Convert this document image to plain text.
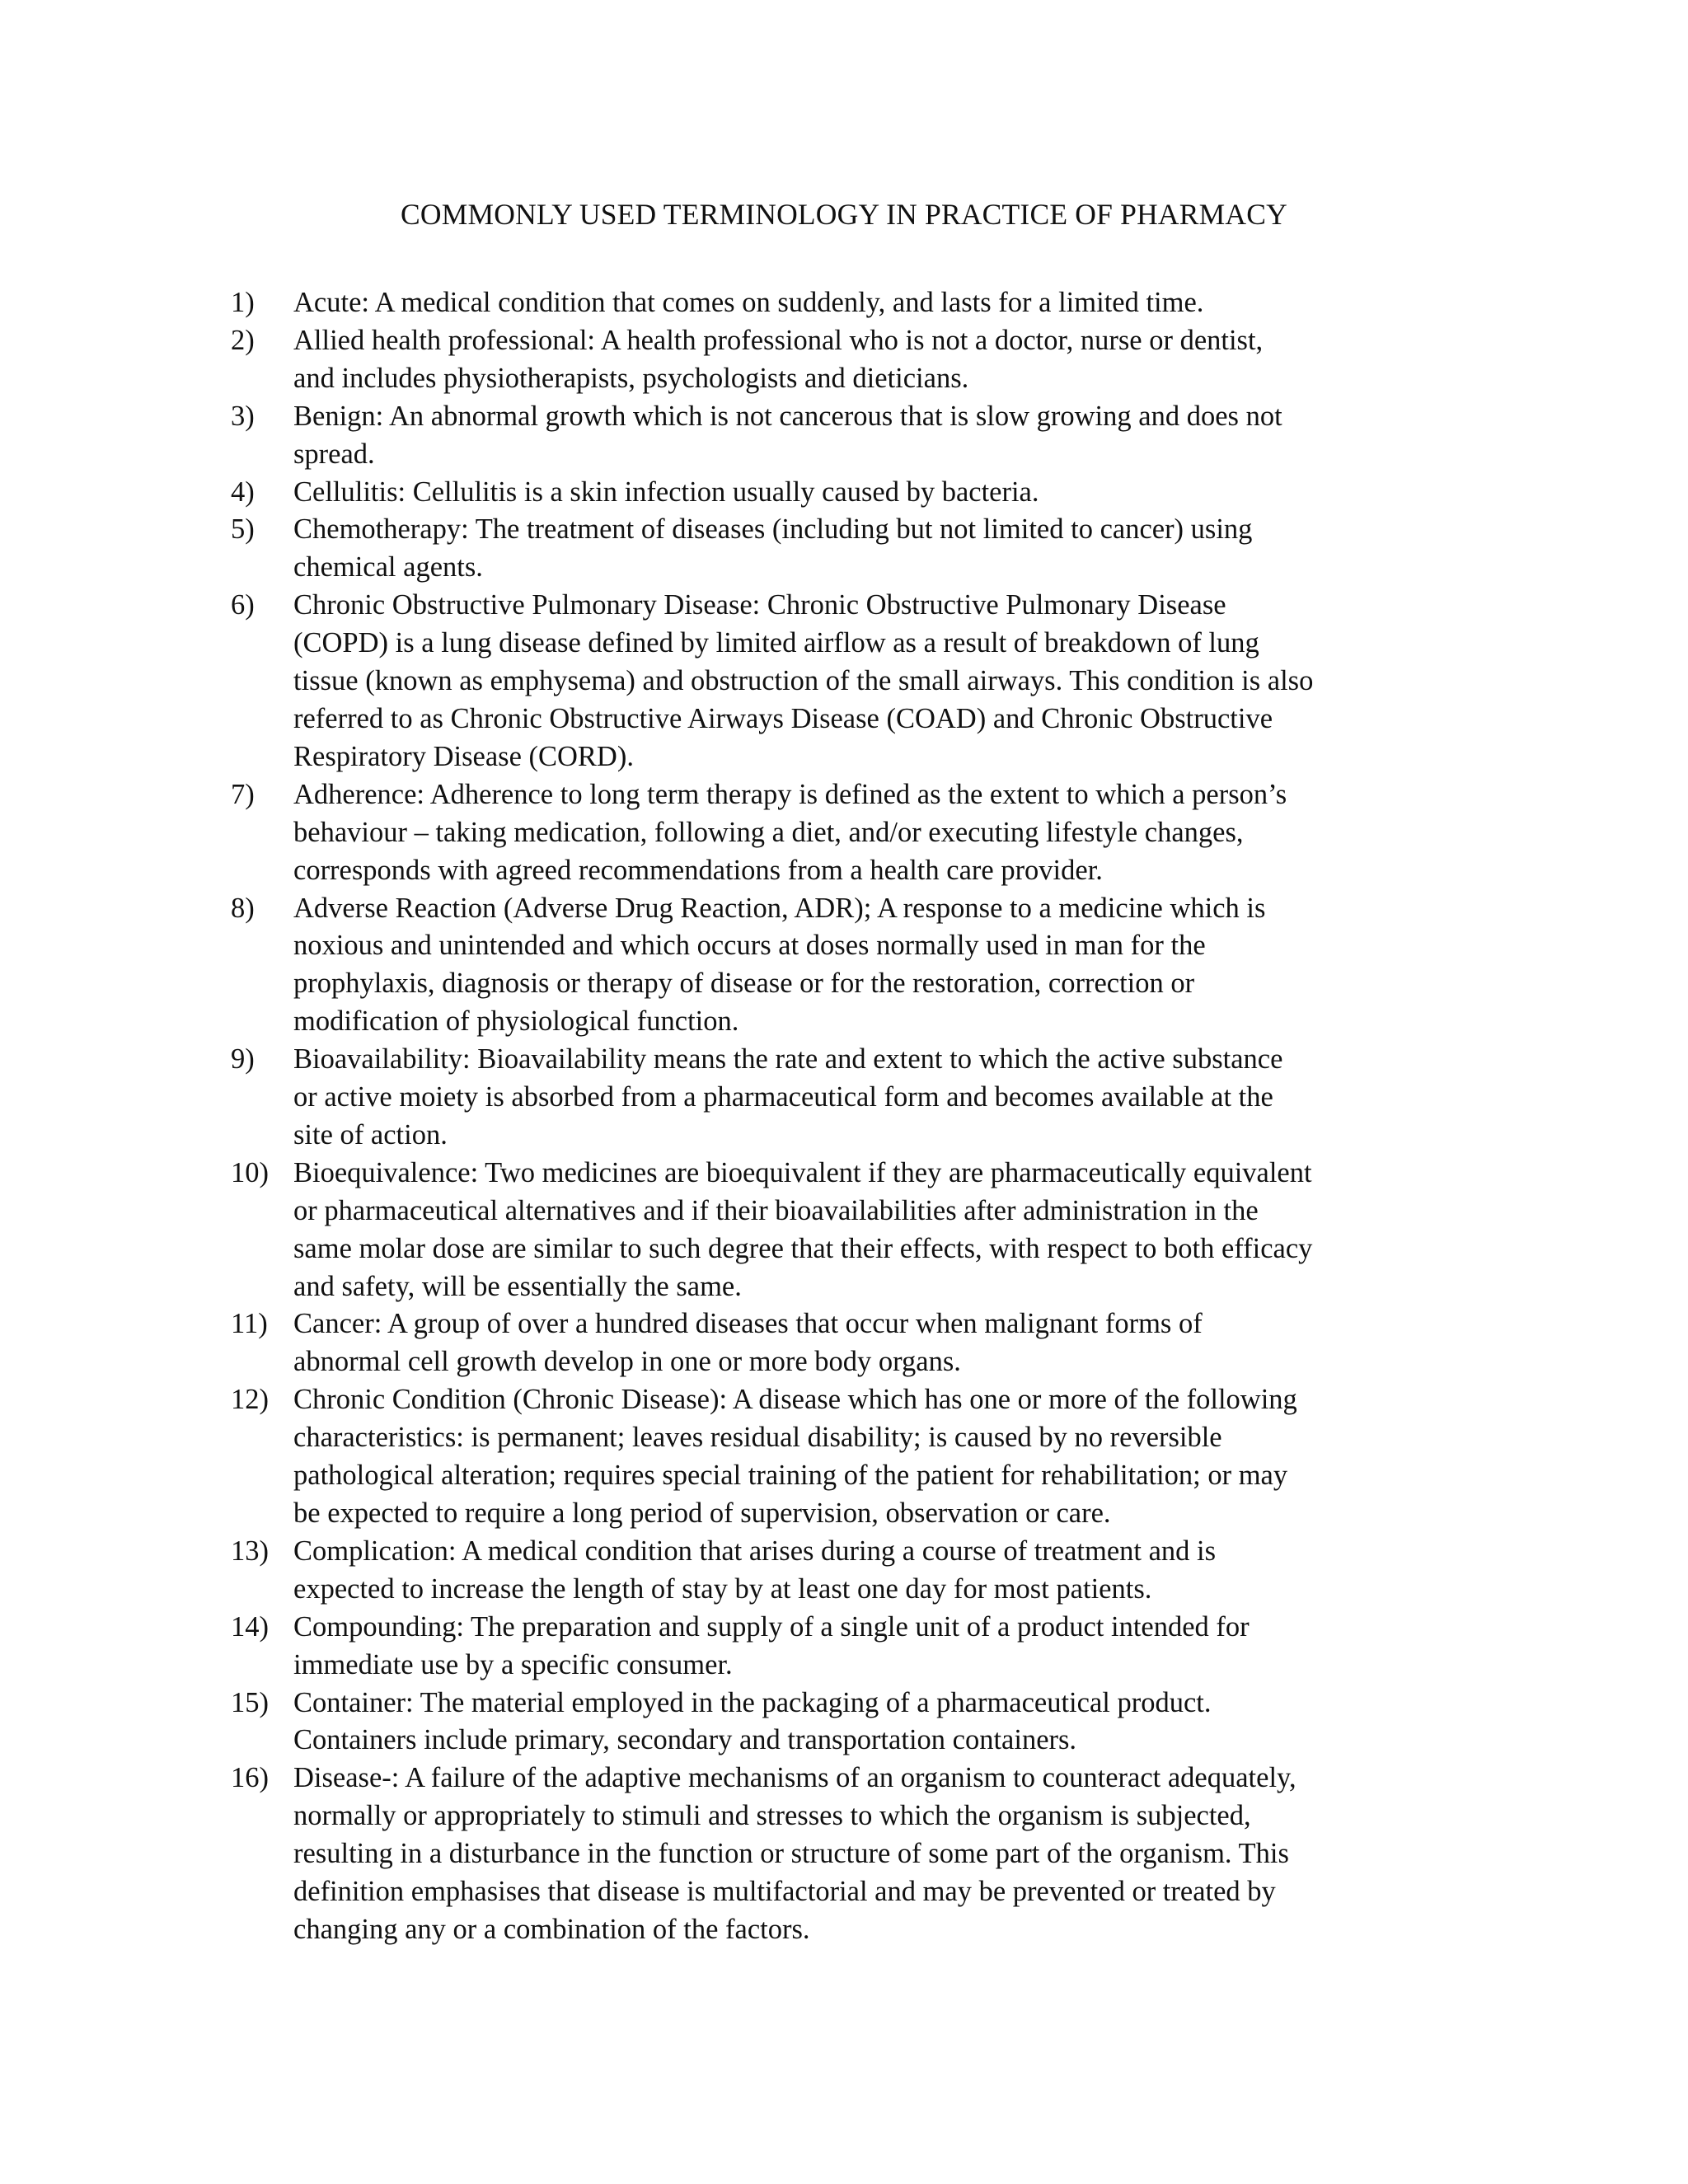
COMMONLY USED TERMINOLOGY IN PRACTICE OF PHARMACY
1) Acute: A medical condition that comes on suddenly, and lasts for a limited time.
2) Allied health professional: A health professional who is not a doctor, nurse or dentist,
and includes physiotherapists, psychologists and dieticians.
3) Benign: An abnormal growth which is not cancerous that is slow growing and does not
spread.
4) Cellulitis: Cellulitis is a skin infection usually caused by bacteria.
5) Chemotherapy: The treatment of diseases (including but not limited to cancer) using
chemical agents.
6) Chronic Obstructive Pulmonary Disease: Chronic Obstructive Pulmonary Disease
(COPD) is a lung disease defined by limited airflow as a result of breakdown of lung
tissue (known as emphysema) and obstruction of the small airways. This condition is also
referred to as Chronic Obstructive Airways Disease (COAD) and Chronic Obstructive
Respiratory Disease (CORD).
7) Adherence: Adherence to long term therapy is defined as the extent to which a person’s
behaviour – taking medication, following a diet, and/or executing lifestyle changes,
corresponds with agreed recommendations from a health care provider.
8) Adverse Reaction (Adverse Drug Reaction, ADR); A response to a medicine which is
noxious and unintended and which occurs at doses normally used in man for the
prophylaxis, diagnosis or therapy of disease or for the restoration, correction or
modification of physiological function.
9) Bioavailability: Bioavailability means the rate and extent to which the active substance
or active moiety is absorbed from a pharmaceutical form and becomes available at the
site of action.
10) Bioequivalence: Two medicines are bioequivalent if they are pharmaceutically equivalent
or pharmaceutical alternatives and if their bioavailabilities after administration in the
same molar dose are similar to such degree that their effects, with respect to both efficacy
and safety, will be essentially the same.
11) Cancer: A group of over a hundred diseases that occur when malignant forms of
abnormal cell growth develop in one or more body organs.
12) Chronic Condition (Chronic Disease): A disease which has one or more of the following
characteristics: is permanent; leaves residual disability; is caused by no reversible
pathological alteration; requires special training of the patient for rehabilitation; or may
be expected to require a long period of supervision, observation or care.
13) Complication: A medical condition that arises during a course of treatment and is
expected to increase the length of stay by at least one day for most patients.
14) Compounding: The preparation and supply of a single unit of a product intended for
immediate use by a specific consumer.
15) Container: The material employed in the packaging of a pharmaceutical product.
Containers include primary, secondary and transportation containers.
16) Disease-: A failure of the adaptive mechanisms of an organism to counteract adequately,
normally or appropriately to stimuli and stresses to which the organism is subjected,
resulting in a disturbance in the function or structure of some part of the organism. This
definition emphasises that disease is multifactorial and may be prevented or treated by
changing any or a combination of the factors.
